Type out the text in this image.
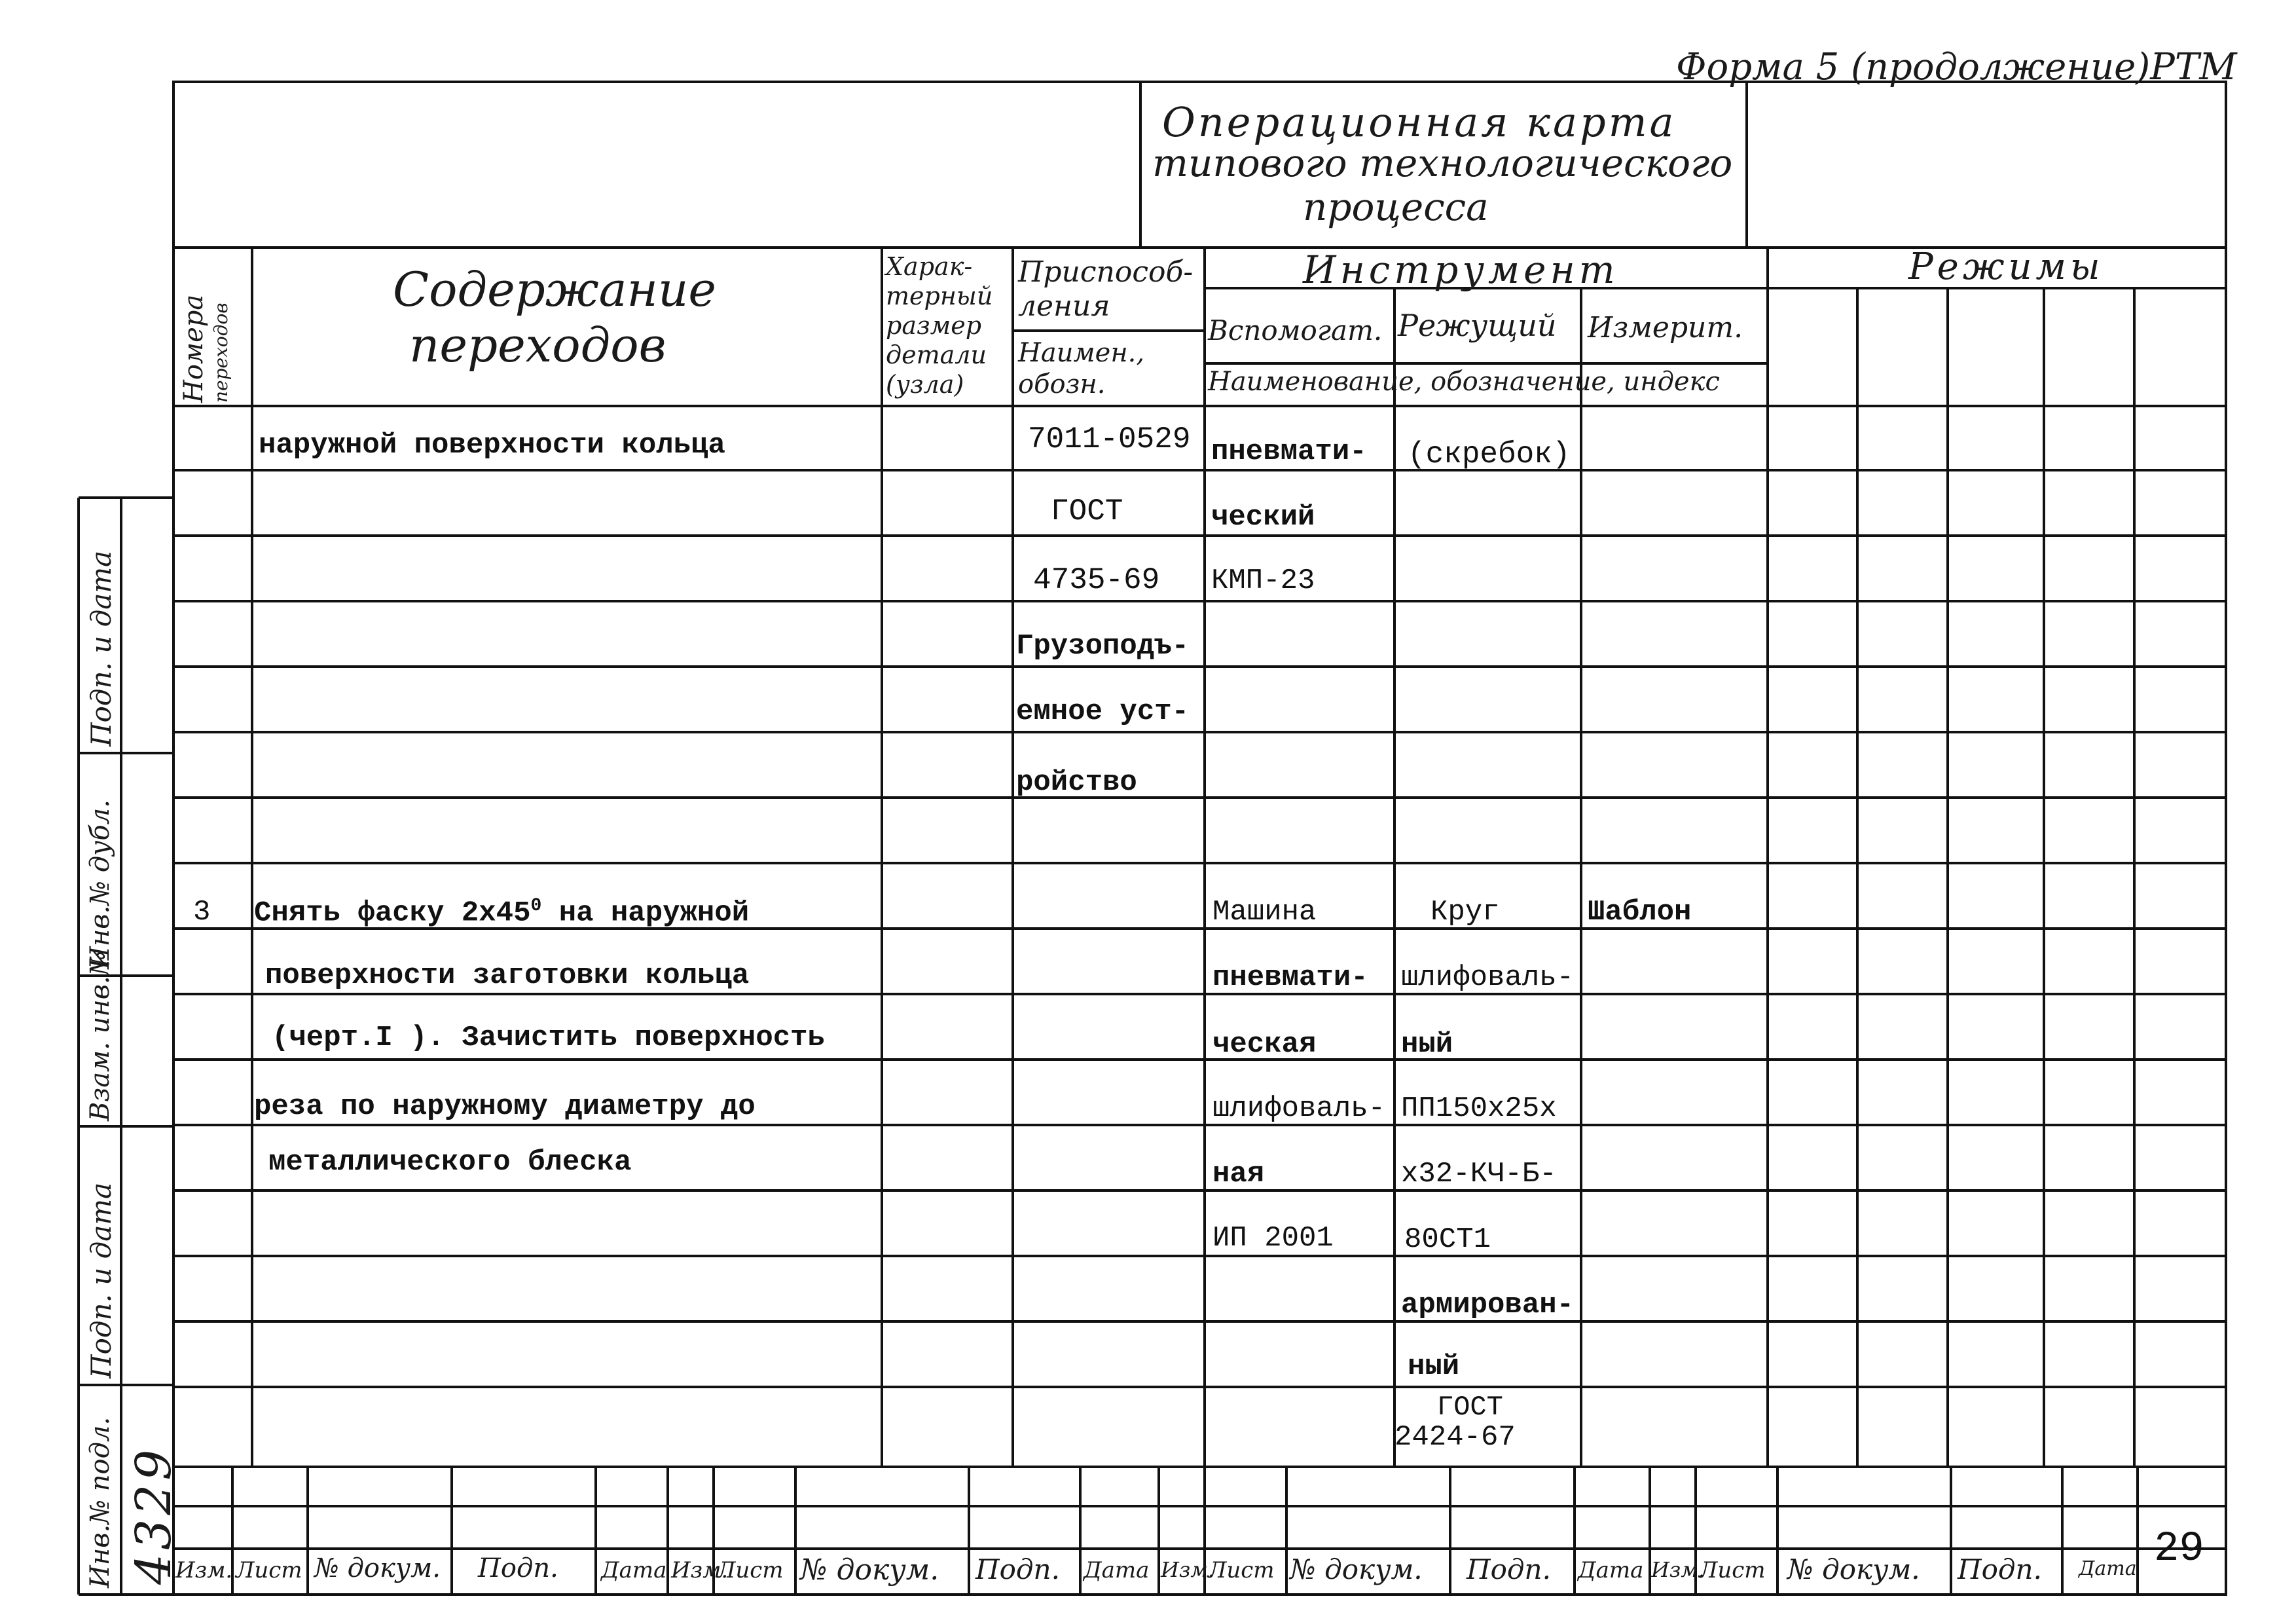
Форма 5 (продолжение)РТМ
Операционная карта
типового технологического
процесса
Номера переходов
Содержание
переходов
Харак-
терный
размер
детали
(узла)
Приспособ-
ления
Наимен.,
обозн.
Инструмент
Вспомогат. Режущий Измерит.
Наименование, обозначение, индекс
Режимы
наружной поверхности кольца	7011-0529
ГОСТ
4735-69
Грузоподъ-
емное уст-
ройство
пневмати-
ческий
КМП-23
(скребок)
3 Снять фаску $2x45^0$ на наружной
поверхности заготовки кольца
(черт.I ). Зачистить поверхность
реза по наружному диаметру до
металлического блеска
Машина
пневмати-
ческая
шлифоваль-
ная
ИП 2001
Круг
шлифоваль-
ный
ПП150x25x
x32-КЧ-Б-
80СТ1
армирован-
ный
ГОСТ
2424-67
Шаблон
Подп. и дата
Инв.№ дубл.
Взам. инв.№
Подп. и дата
Инв.№ подл. 4329
Изм. Лист № докум. Подп. Дата Изм.
Лист № докум. Подп. Дата Изм.
Лист № докум. Подп. Дата Изм.
Лист № докум. Подп. Дата 29
